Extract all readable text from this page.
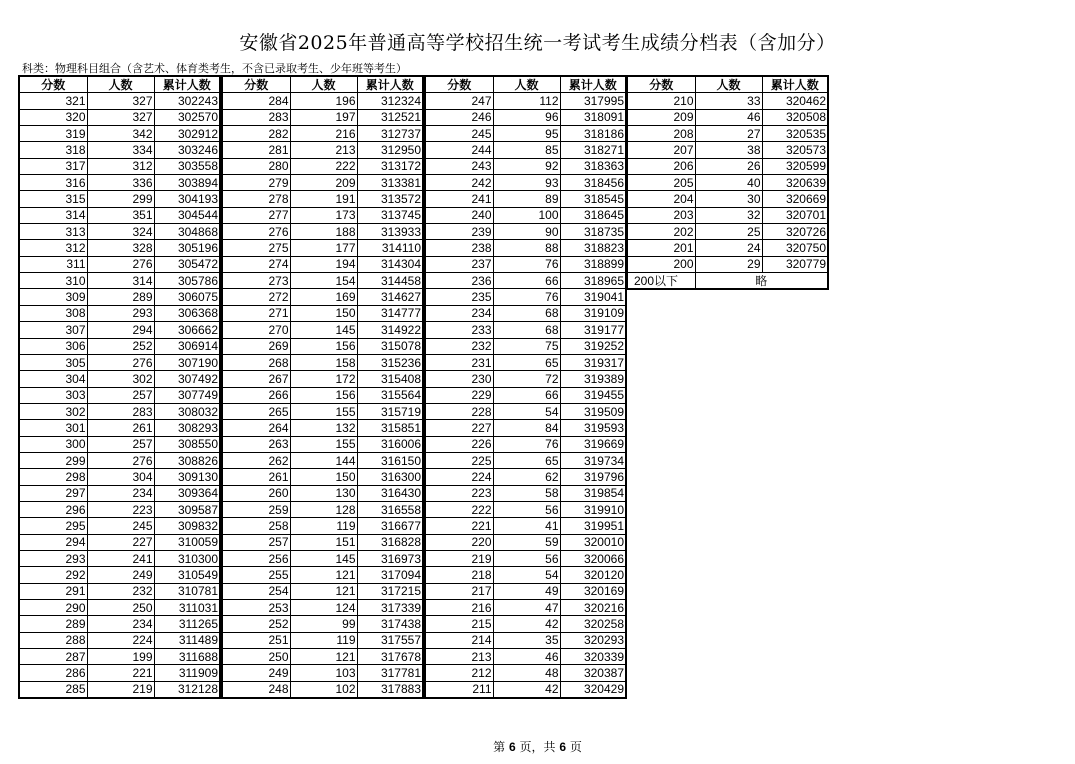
安徽省2025年普通高等学校招生统一考试考生成绩分档表（含加分）
科类：物理科目组合（含艺术、体育类考生，不含已录取考生、少年班等考生）
分数	人数	累计人数
321	327	302243
320	327	302570
319	342	302912
318	334	303246
317	312	303558
316	336	303894
315	299	304193
314	351	304544
313	324	304868
312	328	305196
311	276	305472
310	314	305786
309	289	306075
308	293	306368
307	294	306662
306	252	306914
305	276	307190
304	302	307492
303	257	307749
302	283	308032
301	261	308293
300	257	308550
299	276	308826
298	304	309130
297	234	309364
296	223	309587
295	245	309832
294	227	310059
293	241	310300
292	249	310549
291	232	310781
290	250	311031
289	234	311265
288	224	311489
287	199	311688
286	221	311909
285	219	312128
分数	人数	累计人数
284	196	312324
283	197	312521
282	216	312737
281	213	312950
280	222	313172
279	209	313381
278	191	313572
277	173	313745
276	188	313933
275	177	314110
274	194	314304
273	154	314458
272	169	314627
271	150	314777
270	145	314922
269	156	315078
268	158	315236
267	172	315408
266	156	315564
265	155	315719
264	132	315851
263	155	316006
262	144	316150
261	150	316300
260	130	316430
259	128	316558
258	119	316677
257	151	316828
256	145	316973
255	121	317094
254	121	317215
253	124	317339
252	99	317438
251	119	317557
250	121	317678
249	103	317781
248	102	317883
分数	人数	累计人数
247	112	317995
246	96	318091
245	95	318186
244	85	318271
243	92	318363
242	93	318456
241	89	318545
240	100	318645
239	90	318735
238	88	318823
237	76	318899
236	66	318965
235	76	319041
234	68	319109
233	68	319177
232	75	319252
231	65	319317
230	72	319389
229	66	319455
228	54	319509
227	84	319593
226	76	319669
225	65	319734
224	62	319796
223	58	319854
222	56	319910
221	41	319951
220	59	320010
219	56	320066
218	54	320120
217	49	320169
216	47	320216
215	42	320258
214	35	320293
213	46	320339
212	48	320387
211	42	320429
分数	人数	累计人数
210	33	320462
209	46	320508
208	27	320535
207	38	320573
206	26	320599
205	40	320639
204	30	320669
203	32	320701
202	25	320726
201	24	320750
200	29	320779
200以下	略	
第 6 页，共 6 页
